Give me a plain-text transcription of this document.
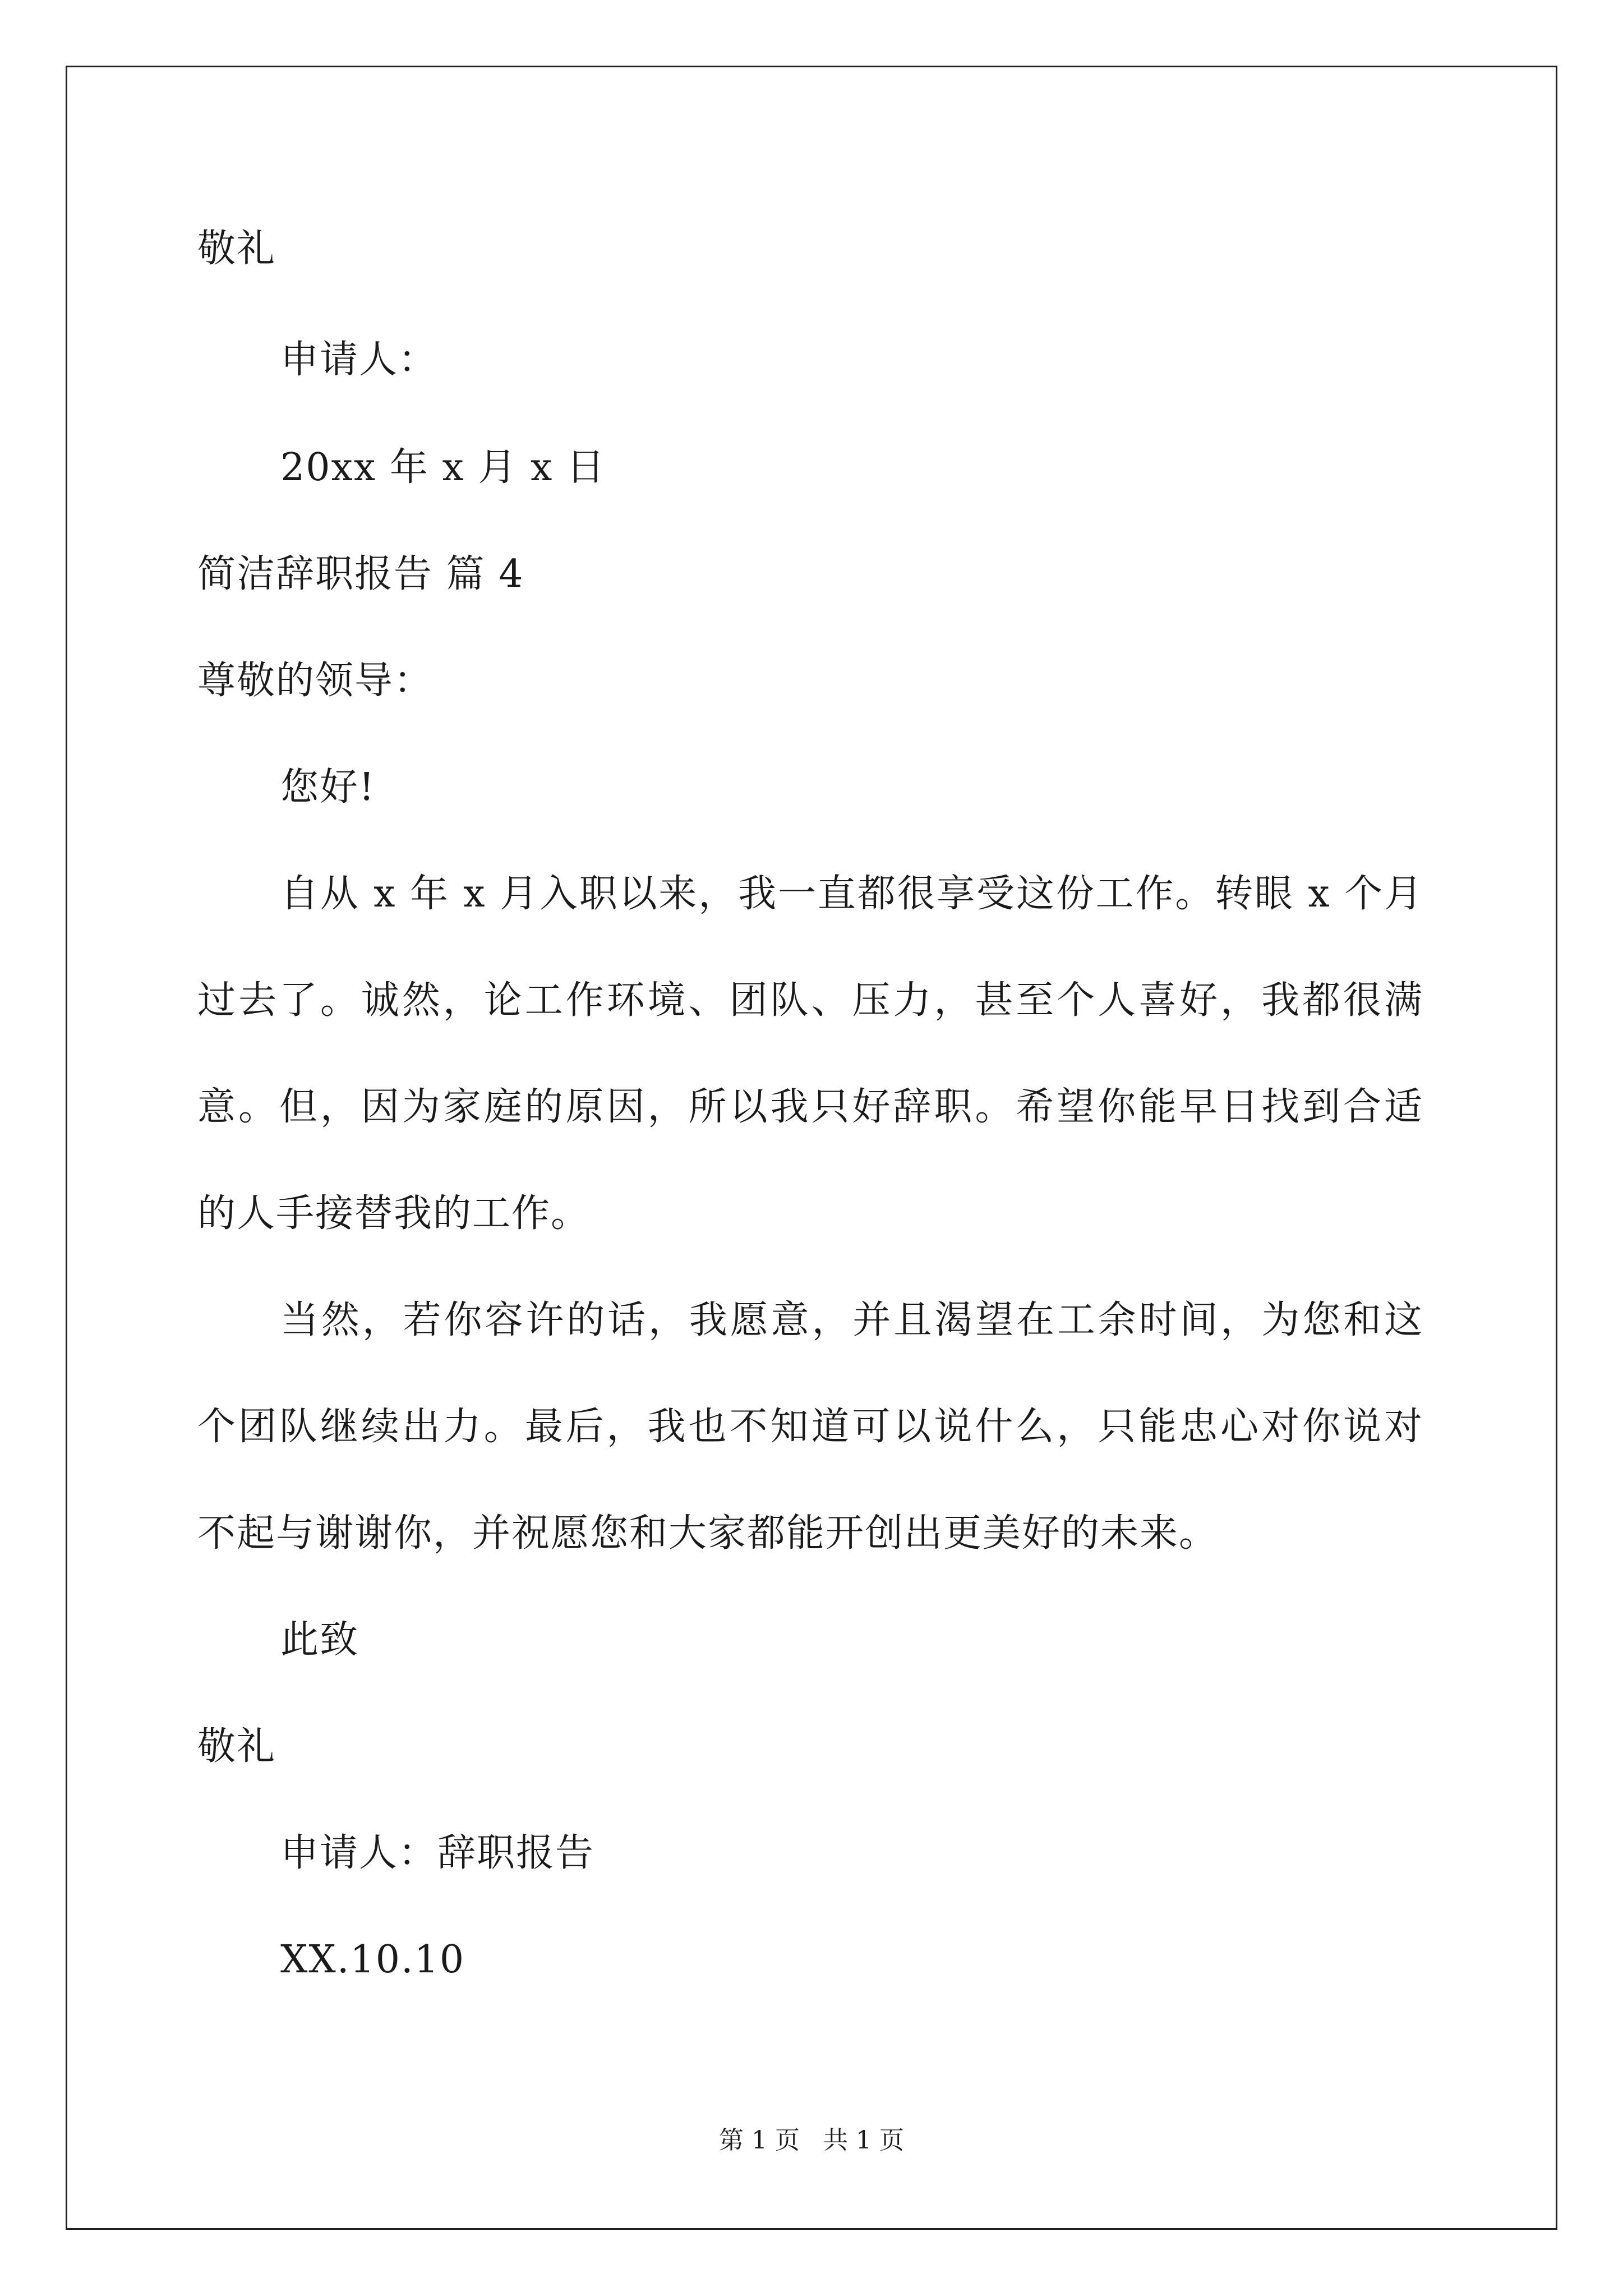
敬礼
申请人：
20xx 年 x 月 x 日
简洁辞职报告 篇 4
尊敬的领导：
您好!
自从 x 年 x 月入职以来，我一直都很享受这份工作。转眼 x 个月
过去了。诚然，论工作环境、团队、压力，甚至个人喜好，我都很满
意。但，因为家庭的原因，所以我只好辞职。希望你能早日找到合适
的人手接替我的工作。
当然，若你容许的话，我愿意，并且渴望在工余时间，为您和这
个团队继续出力。最后，我也不知道可以说什么，只能忠心对你说对
不起与谢谢你，并祝愿您和大家都能开创出更美好的未来。
此致
敬礼
申请人：辞职报告
XX.10.10
第 1 页   共 1 页
